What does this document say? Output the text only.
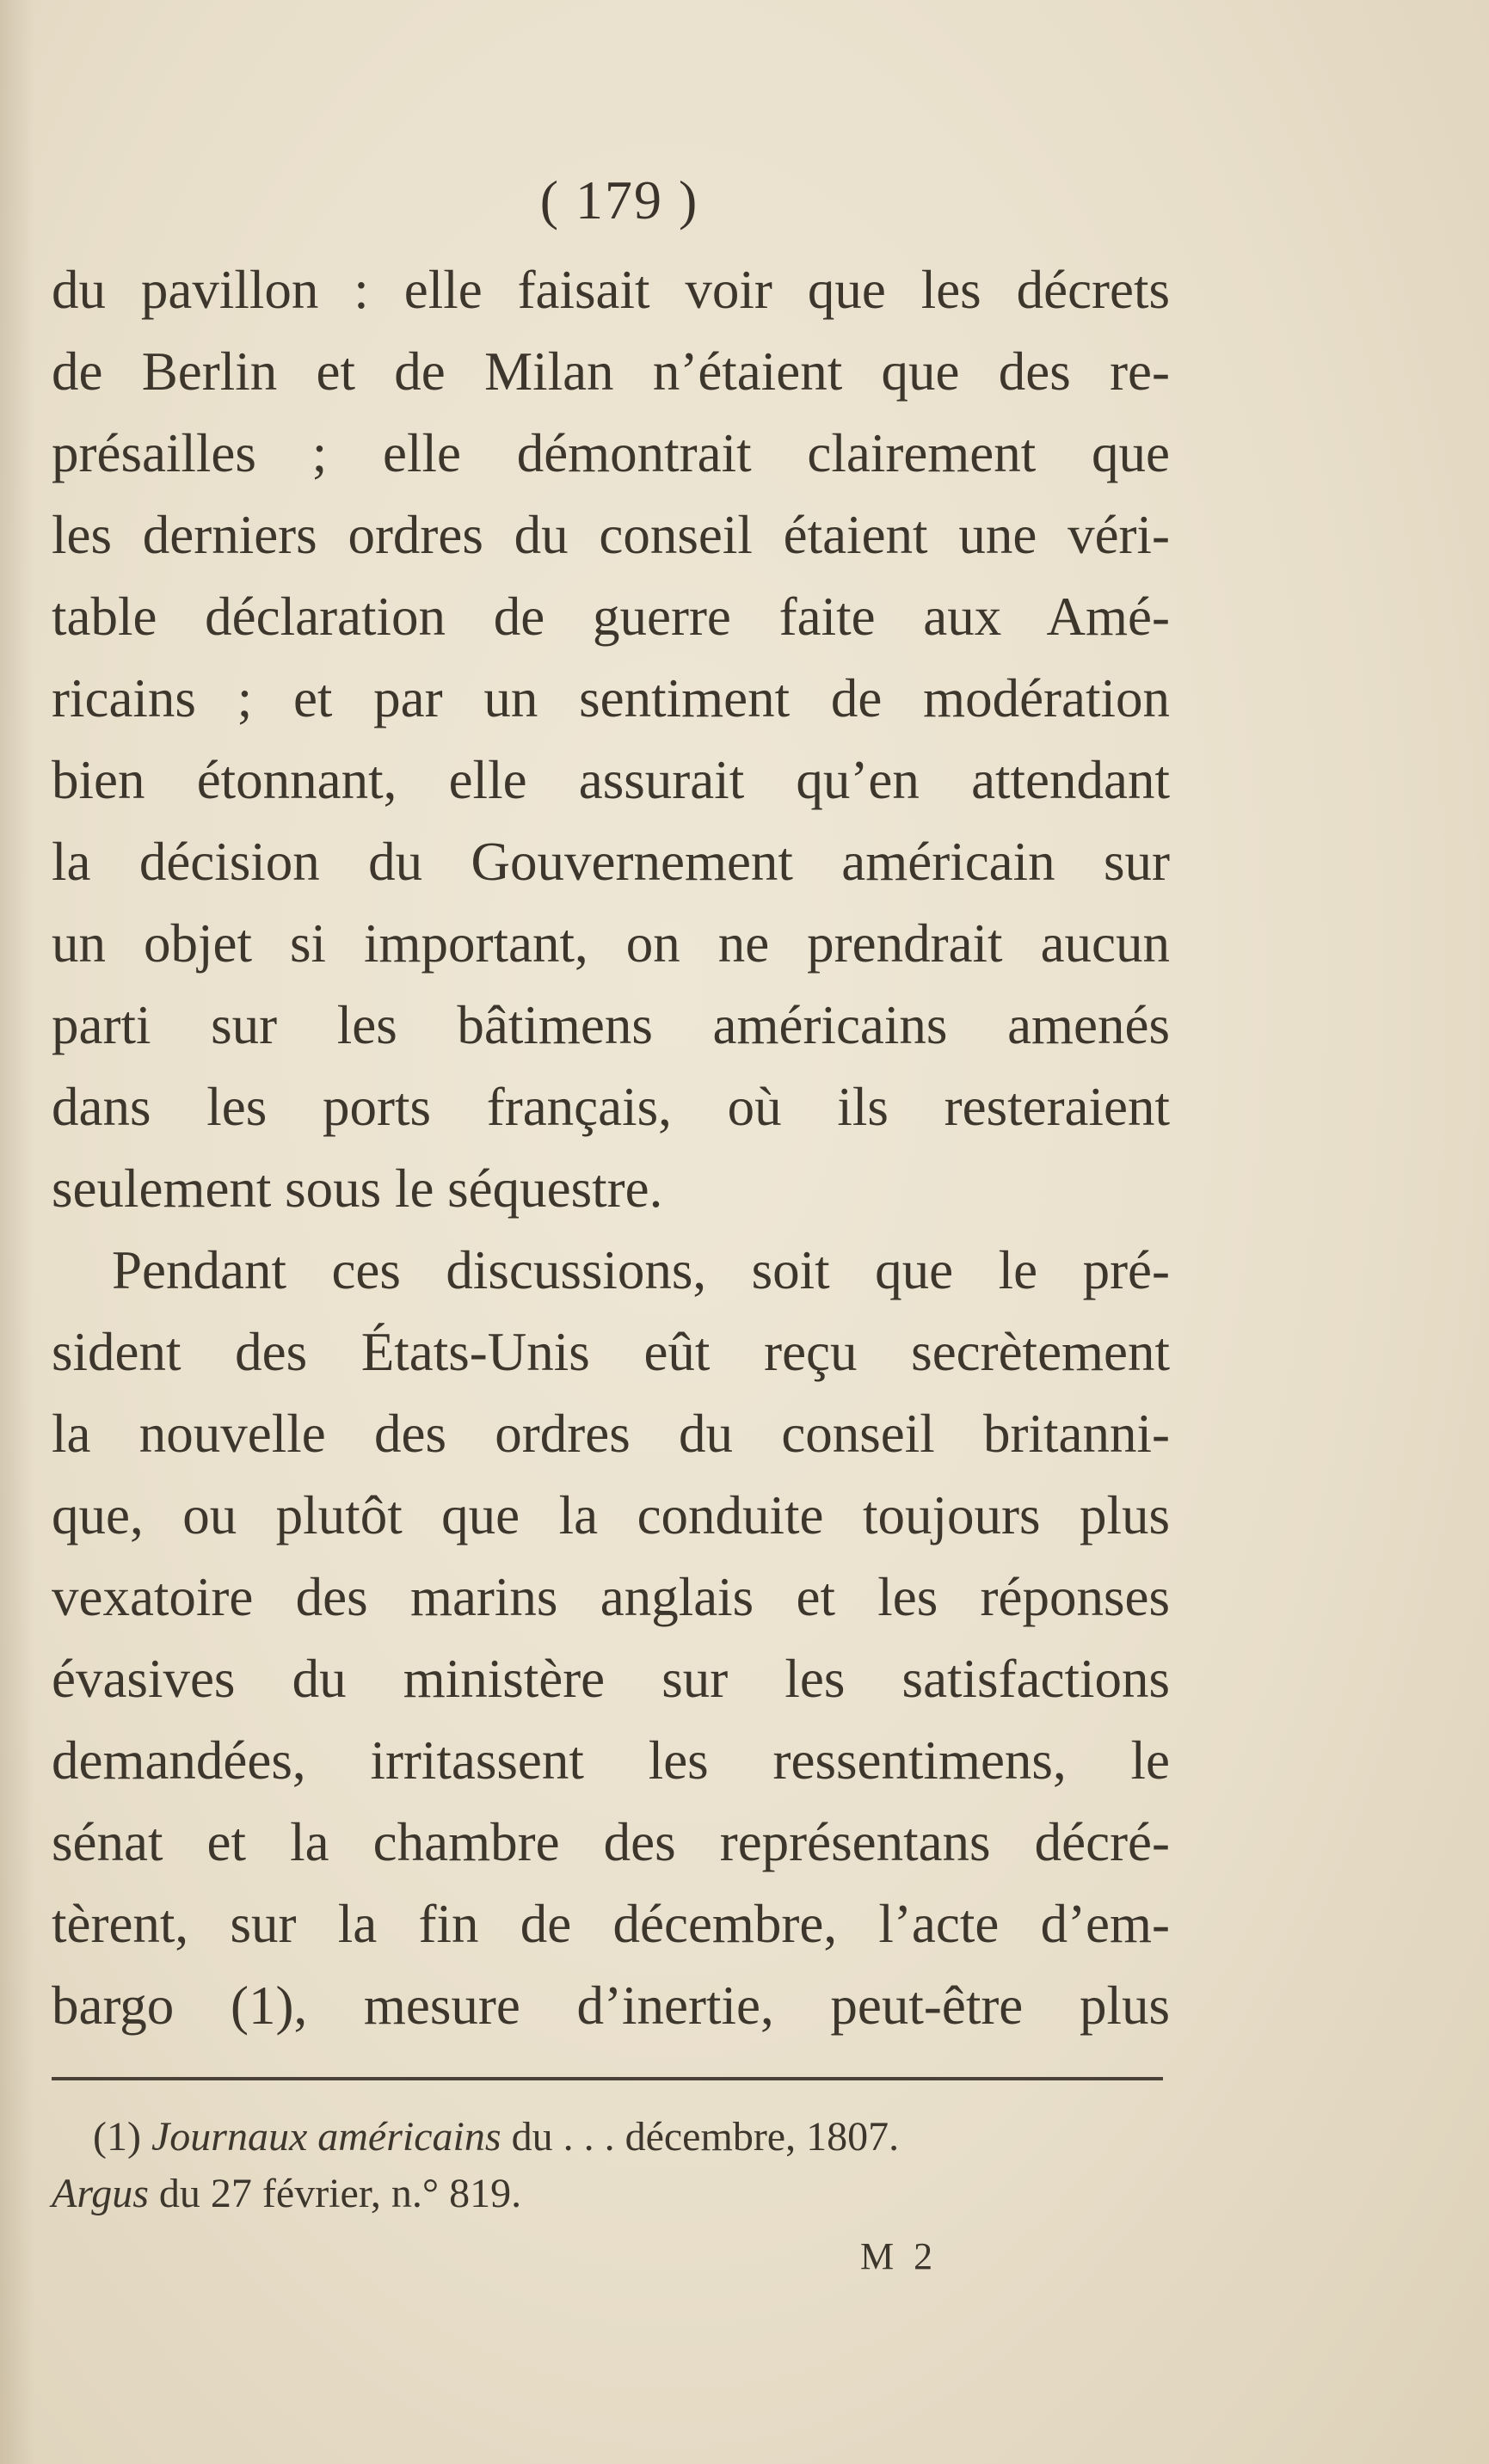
( 179 )
du pavillon : elle faisait voir que les décrets
de Berlin et de Milan n’étaient que des re-
présailles ; elle démontrait clairement que
les derniers ordres du conseil étaient une véri-
table déclaration de guerre faite aux Amé-
ricains ; et par un sentiment de modération
bien étonnant, elle assurait qu’en attendant
la décision du Gouvernement américain sur
un objet si important, on ne prendrait aucun
parti sur les bâtimens américains amenés
dans les ports français, où ils resteraient
seulement sous le séquestre.
Pendant ces discussions, soit que le pré-
sident des États-Unis eût reçu secrètement
la nouvelle des ordres du conseil britanni-
que, ou plutôt que la conduite toujours plus
vexatoire des marins anglais et les réponses
évasives du ministère sur les satisfactions
demandées, irritassent les ressentimens, le
sénat et la chambre des représentans décré-
tèrent, sur la fin de décembre, l’acte d’em-
bargo (1), mesure d’inertie, peut-être plus
(1) Journaux américains du . . . décembre, 1807.
Argus du 27 février, n.° 819.
M 2
